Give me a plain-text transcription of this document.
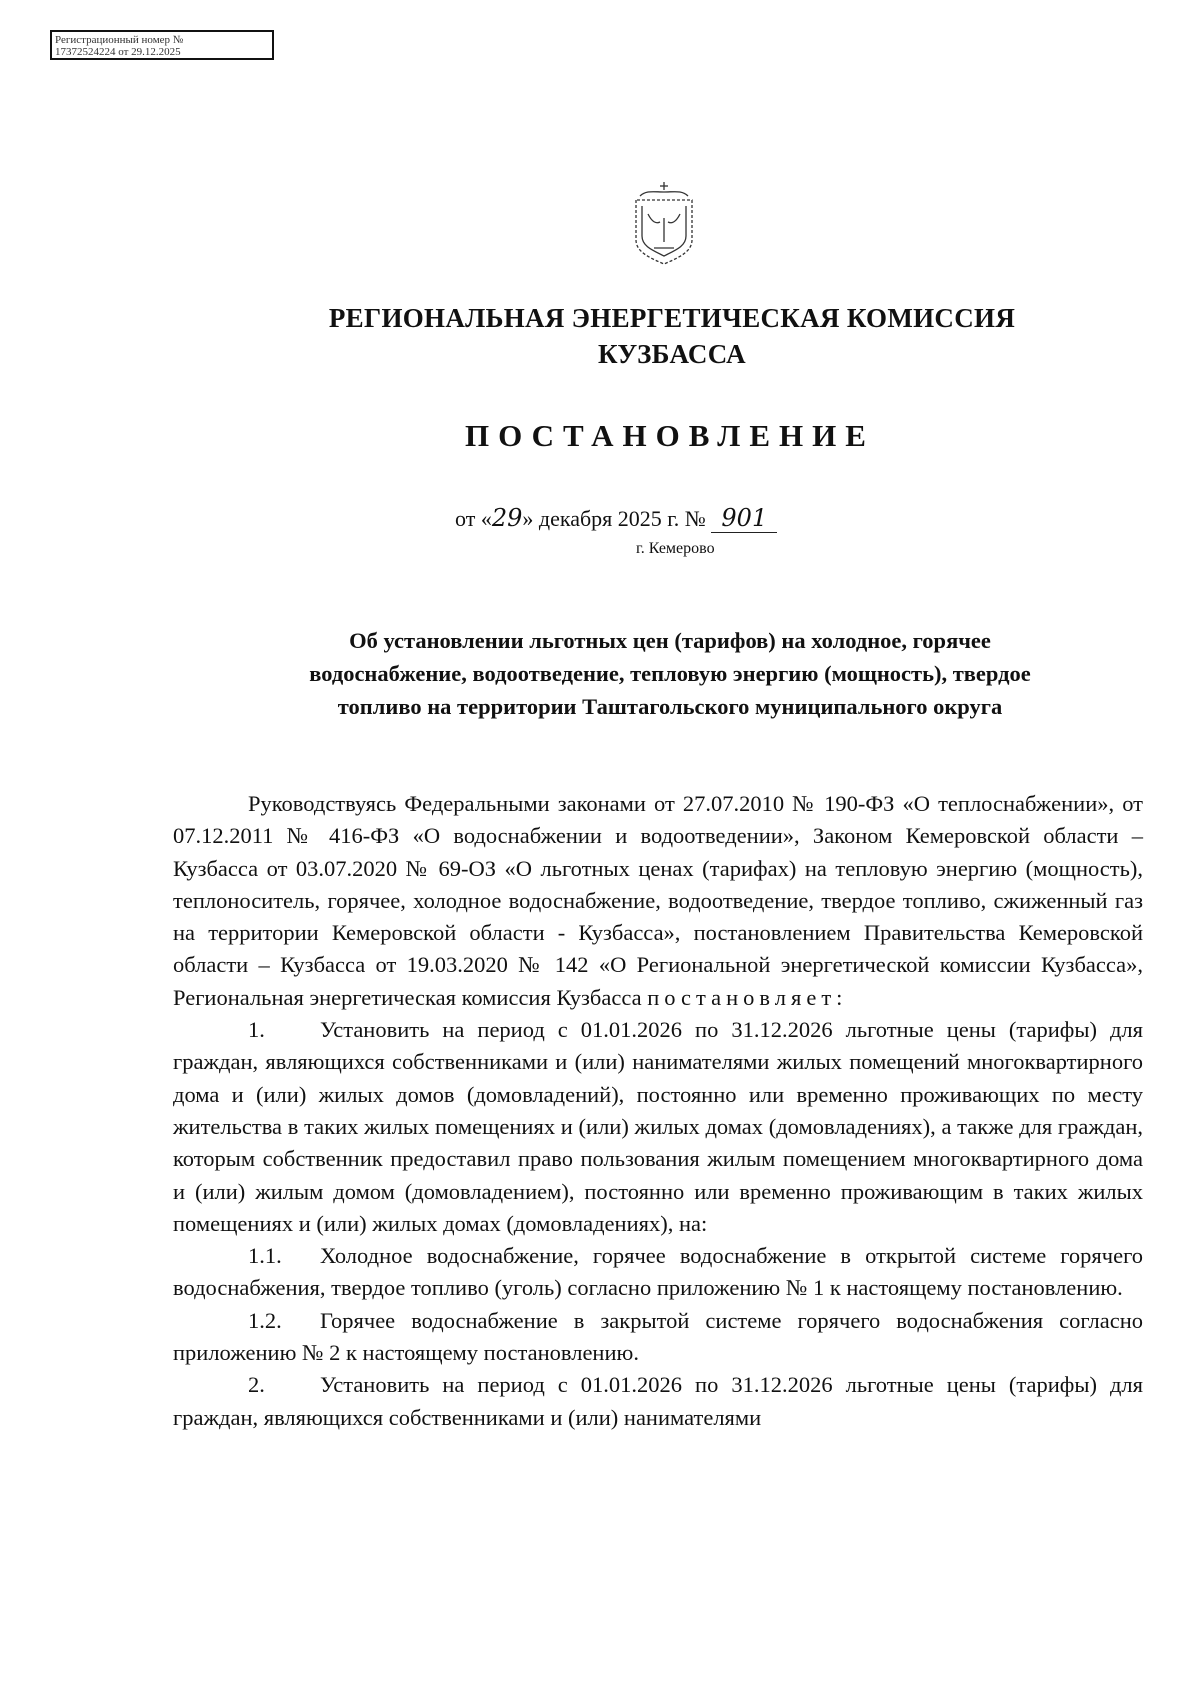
Регистрационный номер №
17372524224 от 29.12.2025
РЕГИОНАЛЬНАЯ ЭНЕРГЕТИЧЕСКАЯ КОМИССИЯ
КУЗБАССА
ПОСТАНОВЛЕНИЕ
от «29» декабря 2025 г. № 901
г. Кемерово
Об установлении льготных цен (тарифов) на холодное, горячее
водоснабжение, водоотведение, тепловую энергию (мощность), твердое
топливо на территории Таштагольского муниципального округа

Руководствуясь Федеральными законами от 27.07.2010 № 190-ФЗ «О теплоснабжении», от 07.12.2011 № 416-ФЗ «О водоснабжении и водоотведении», Законом Кемеровской области – Кузбасса от 03.07.2020 № 69-ОЗ «О льготных ценах (тарифах) на тепловую энергию (мощность), теплоноситель, горячее, холодное водоснабжение, водоотведение, твердое топливо, сжиженный газ на территории Кемеровской области - Кузбасса», постановлением Правительства Кемеровской области – Кузбасса от 19.03.2020 № 142 «О Региональной энергетической комиссии Кузбасса», Региональная энергетическая комиссия Кузбасса постановляет:

1. Установить на период с 01.01.2026 по 31.12.2026 льготные цены (тарифы) для граждан, являющихся собственниками и (или) нанимателями жилых помещений многоквартирного дома и (или) жилых домов (домовладений), постоянно или временно проживающих по месту жительства в таких жилых помещениях и (или) жилых домах (домовладениях), а также для граждан, которым собственник предоставил право пользования жилым помещением многоквартирного дома и (или) жилым домом (домовладением), постоянно или временно проживающим в таких жилых помещениях и (или) жилых домах (домовладениях), на:

1.1. Холодное водоснабжение, горячее водоснабжение в открытой системе горячего водоснабжения, твердое топливо (уголь) согласно приложению № 1 к настоящему постановлению.

1.2. Горячее водоснабжение в закрытой системе горячего водоснабжения согласно приложению № 2 к настоящему постановлению.

2. Установить на период с 01.01.2026 по 31.12.2026 льготные цены (тарифы) для граждан, являющихся собственниками и (или) нанимателями
